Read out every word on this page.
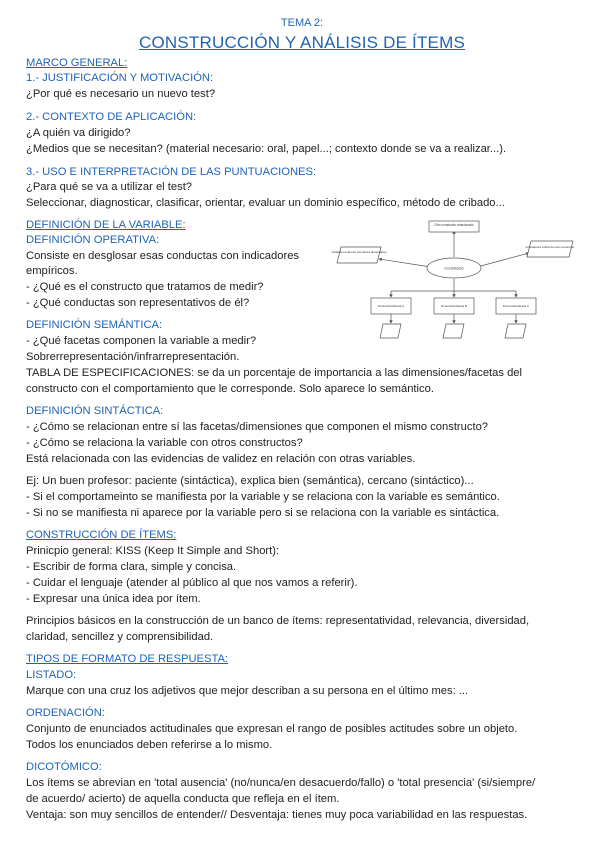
TEMA 2:
CONSTRUCCIÓN Y ANÁLISIS DE ÍTEMS
MARCO GENERAL:
1.- JUSTIFICACIÓN Y MOTIVACIÓN:
¿Por qué es necesario un nuevo test?
2.- CONTEXTO DE APLICACIÓN:
¿A quién va dirigido?
¿Medios que se necesitan? (material necesario: oral, papel...; contexto donde se va a realizar...).
3.- USO E INTERPRETACIÓN DE LAS PUNTUACIONES:
¿Para qué se va a utilizar el test?
Seleccionar, diagnosticar, clasificar, orientar, evaluar un dominio específico, método de cribado...
DEFINICIÓN DE LA VARIABLE:
DEFINICIÓN OPERATIVA:
Consiste en desglosar esas conductas con indicadores
empíricos.
- ¿Qué es el constructo que tratamos de medir?
- ¿Qué conductas son representativos de él?
Otro constructo relacionado
Variables externas (conducta observable)
Indicadores indirectos del constructo
Constructo
Dimensión/faceta A	Dimensión/faceta B	Dimensión/faceta C
DEFINICIÓN SEMÁNTICA:
- ¿Qué facetas componen la variable a medir?
Sobrerrepresentación/infrarrepresentación.
TABLA DE ESPECIFICACIONES: se da un porcentaje de importancia a las dimensiones/facetas del
constructo con el comportamiento que le corresponde. Solo aparece lo semántico.
DEFINICIÓN SINTÁCTICA:
- ¿Cómo se relacionan entre sí las facetas/dimensiones que componen el mismo constructo?
- ¿Cómo se relaciona la variable con otros constructos?
Está relacionada con las evidencias de validez en relación con otras variables.
Ej: Un buen profesor: paciente (sintáctica), explica bien (semántica), cercano (sintáctico)...
- Si el comportameinto se manifiesta por la variable y se relaciona con la variable es semántico.
- Si no se manifiesta ni aparece por la variable pero si se relaciona con la variable es sintáctica.
CONSTRUCCIÓN DE ÍTEMS:
Prinicpio general: KISS (Keep It Simple and Short):
- Escribir de forma clara, simple y concisa.
- Cuidar el lenguaje (atender al público al que nos vamos a referir).
- Expresar una única idea por ítem.
Principios básicos en la construcción de un banco de ítems: representatividad, relevancia, diversidad,
claridad, sencillez y comprensibilidad.
TIPOS DE FORMATO DE RESPUESTA:
LISTADO:
Marque con una cruz los adjetivos que mejor describan a su persona en el último mes: ...
ORDENACIÓN:
Conjunto de enunciados actitudinales que expresan el rango de posibles actitudes sobre un objeto.
Todos los enunciados deben referirse a lo mismo.
DICOTÓMICO:
Los ítems se abrevian en 'total ausencia' (no/nunca/en desacuerdo/fallo) o 'total presencia' (si/siempre/
de acuerdo/ acierto) de aquella conducta que refleja en el ítem.
Ventaja: son muy sencillos de entender// Desventaja: tienes muy poca variabilidad en las respuestas.
